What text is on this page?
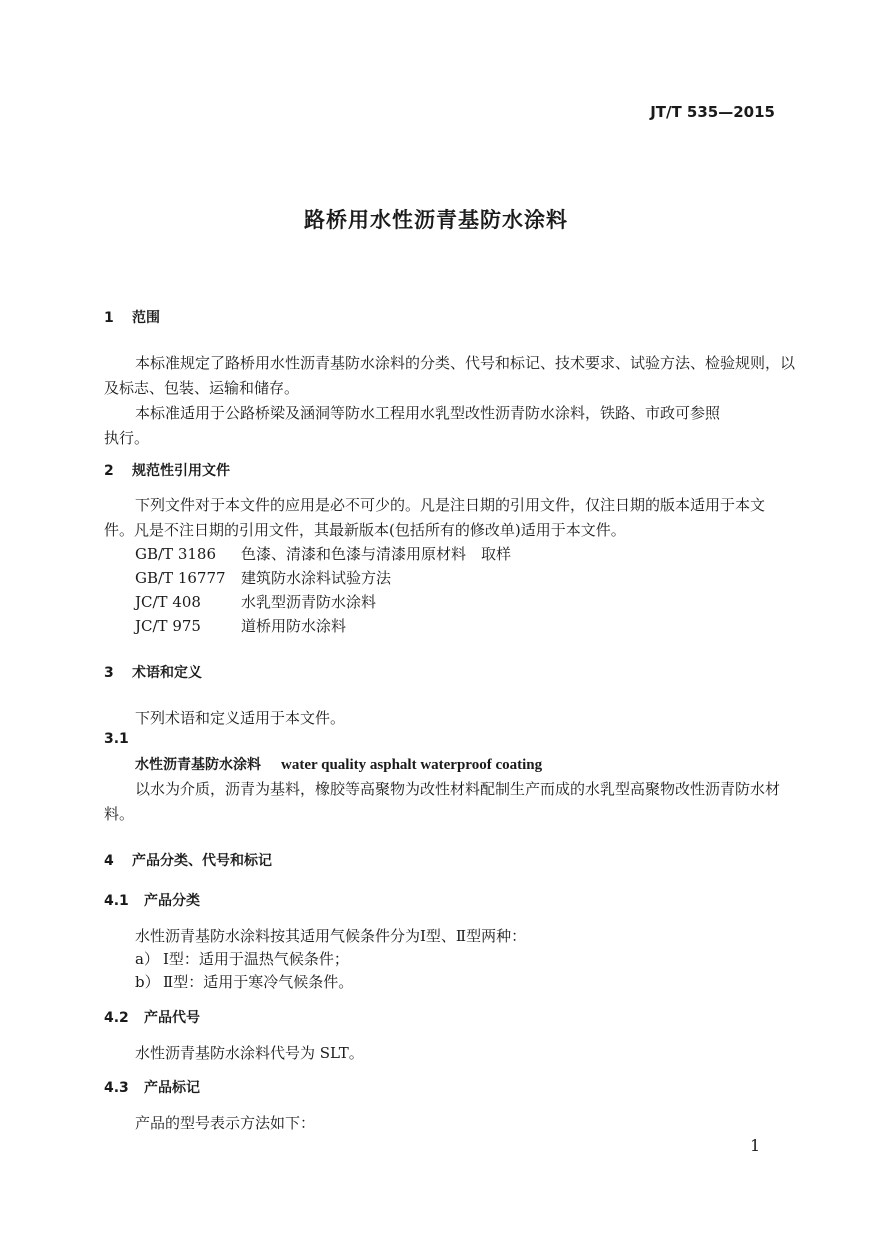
JT/T 535—2015
路桥用水性沥青基防水涂料
1 范围

本标准规定了路桥用水性沥青基防水涂料的分类、代号和标记、技术要求、试验方法、检验规则，以

及标志、包装、运输和储存。

本标准适用于公路桥梁及涵洞等防水工程用水乳型改性沥青防水涂料，铁路、市政可参照

执行。

2 规范性引用文件

下列文件对于本文件的应用是必不可少的。凡是注日期的引用文件，仅注日期的版本适用于本文

件。凡是不注日期的引用文件，其最新版本(包括所有的修改单)适用于本文件。

GB/T 3186 色漆、清漆和色漆与清漆用原材料　取样
GB/T 16777 建筑防水涂料试验方法
JC/T 408	水乳型沥青防水涂料
JC/T 975	道桥用防水涂料
3 术语和定义

下列术语和定义适用于本文件。

3.1
水性沥青基防水涂料 water quality asphalt waterproof coating

以水为介质，沥青为基料，橡胶等高聚物为改性材料配制生产而成的水乳型高聚物改性沥青防水材

料。

4 产品分类、代号和标记
4.1 产品分类

水性沥青基防水涂料按其适用气候条件分为Ⅰ型、Ⅱ型两种：

a） Ⅰ型：适用于温热气候条件；
b） Ⅱ型：适用于寒冷气候条件。
4.2 产品代号

水性沥青基防水涂料代号为 SLT。

4.3 产品标记

产品的型号表示方法如下：

1
